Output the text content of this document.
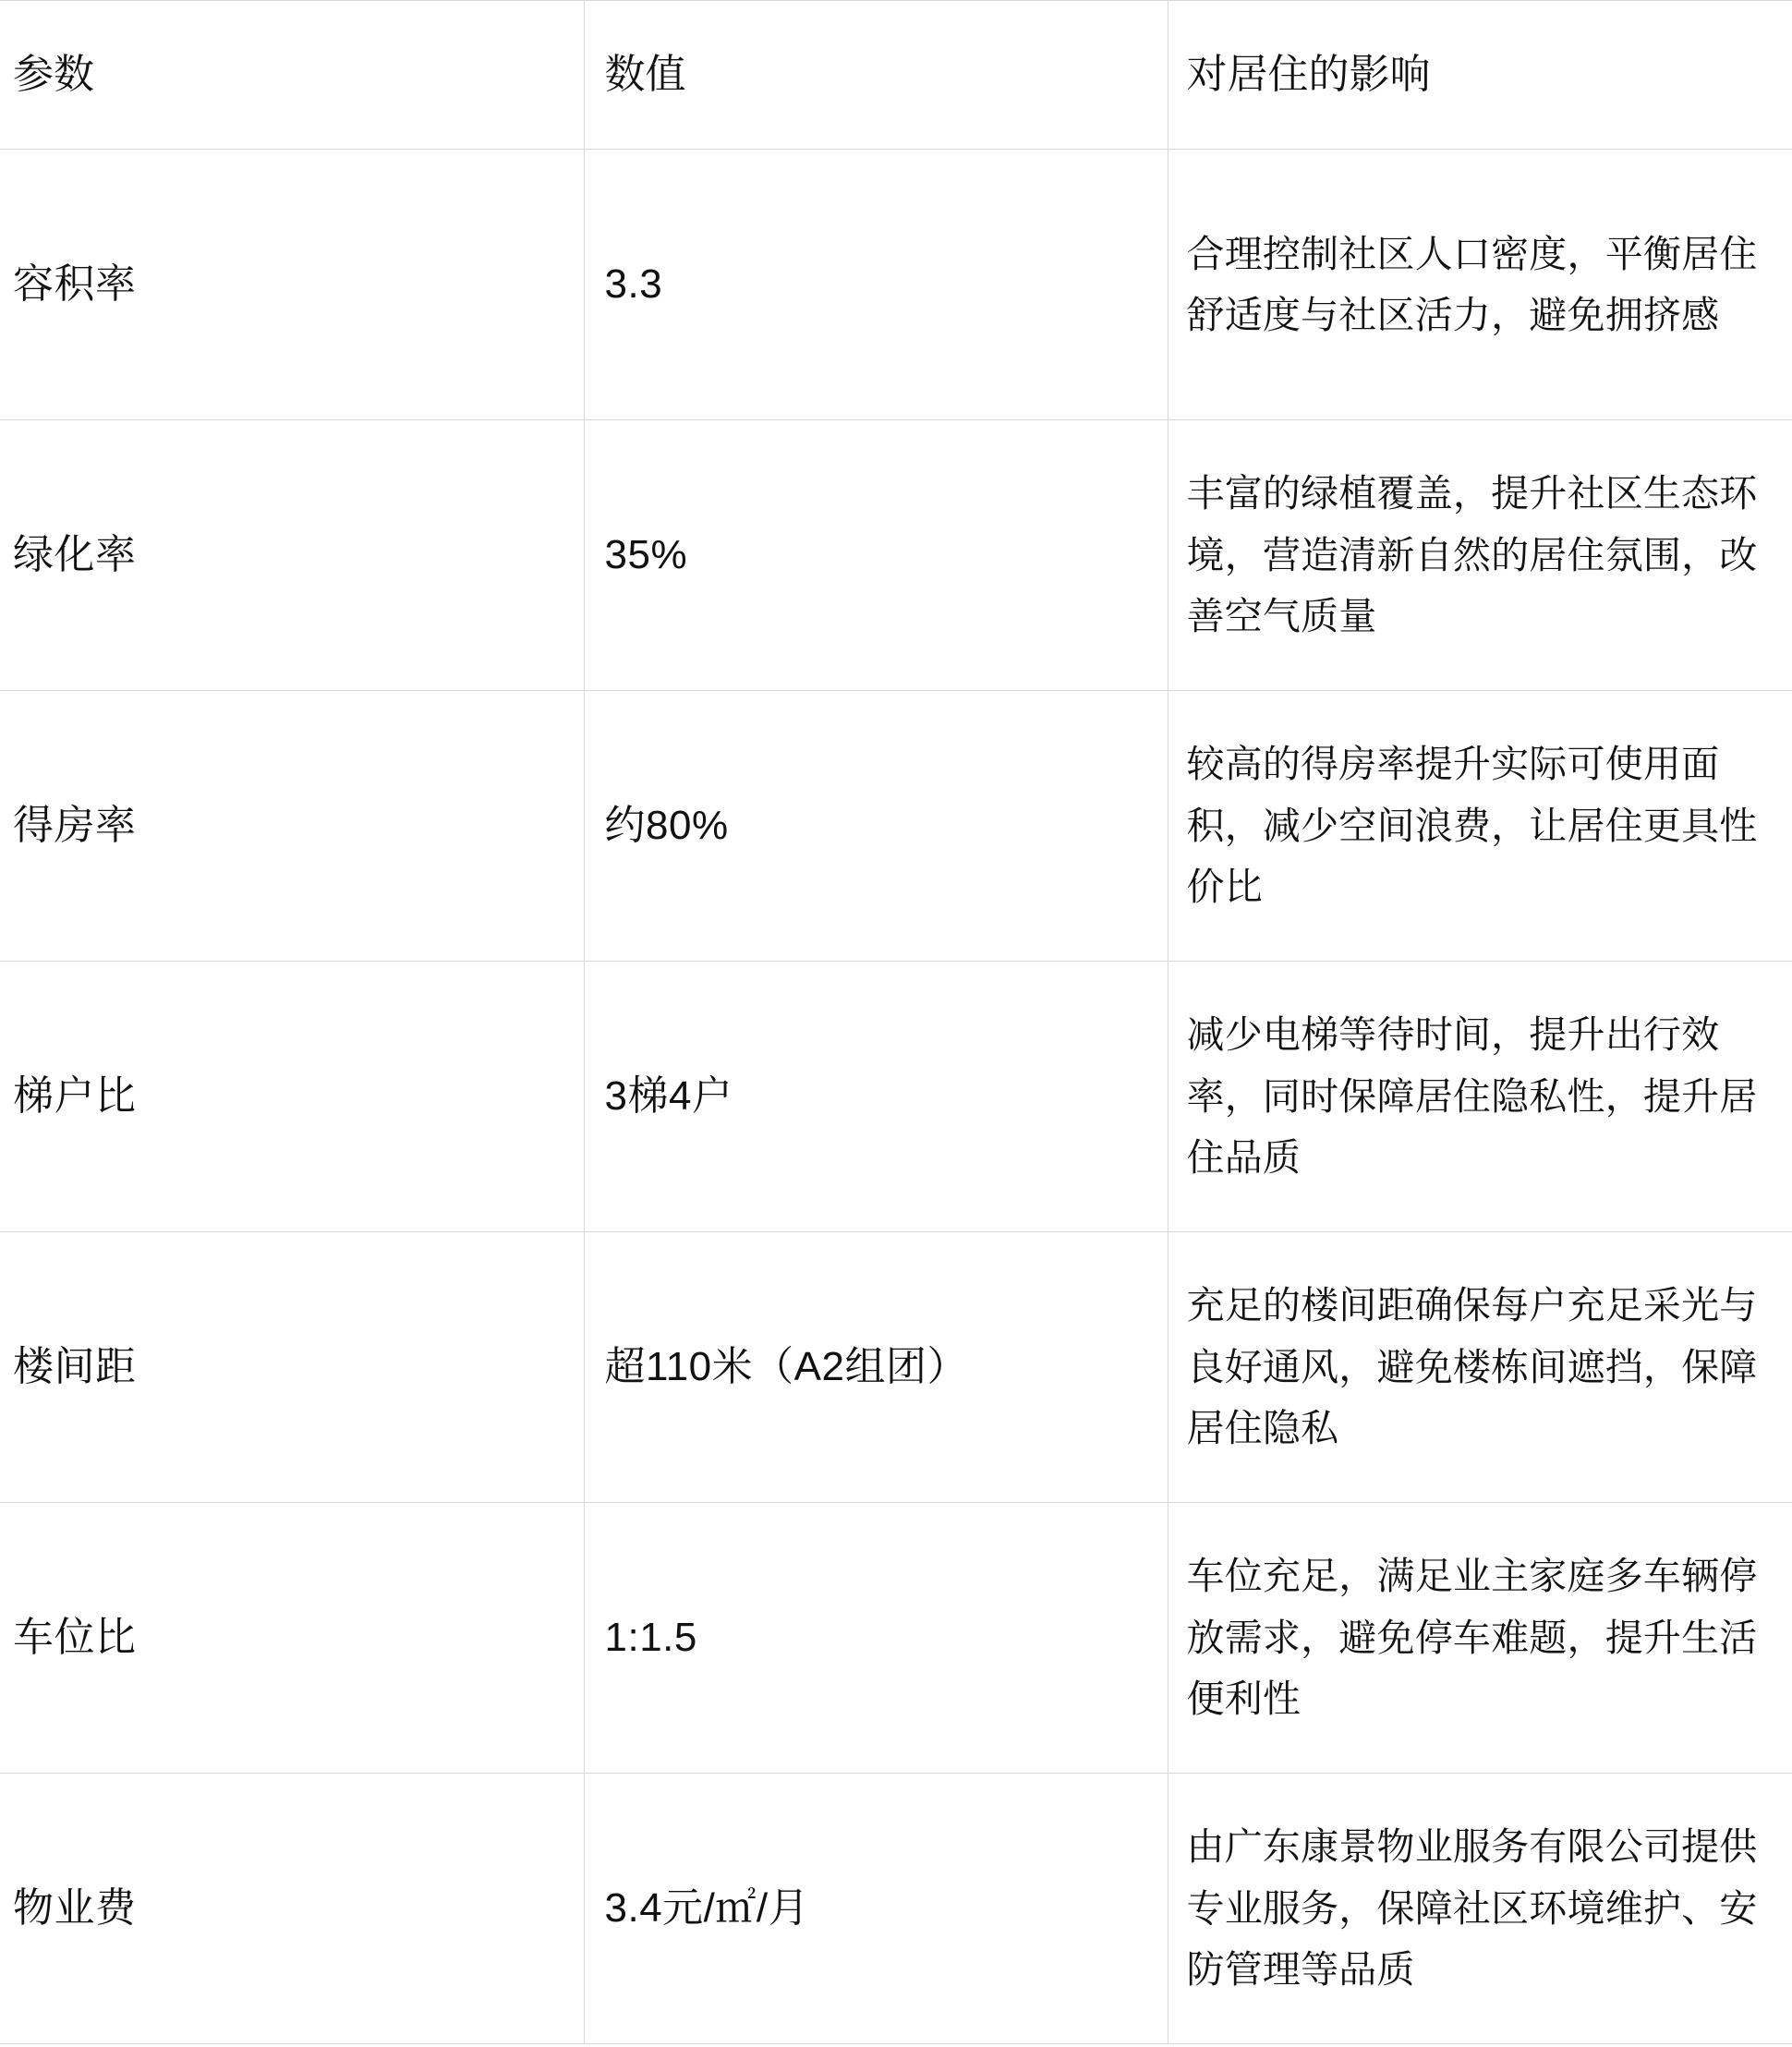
参数	数值	对居住的影响

容积率	3.3	合理控制社区人口密度，平衡居住舒适度与社区活力，避免拥挤感

绿化率	35%	丰富的绿植覆盖，提升社区生态环境，营造清新自然的居住氛围，改善空气质量

得房率	约80%	较高的得房率提升实际可使用面积，减少空间浪费，让居住更具性价比

梯户比	3梯4户	减少电梯等待时间，提升出行效率，同时保障居住隐私性，提升居住品质

楼间距	超110米（A2组团）	充足的楼间距确保每户充足采光与良好通风，避免楼栋间遮挡，保障居住隐私

车位比	1:1.5	车位充足，满足业主家庭多车辆停放需求，避免停车难题，提升生活便利性

物业费	3.4元/㎡/月	由广东康景物业服务有限公司提供专业服务，保障社区环境维护、安防管理等品质
